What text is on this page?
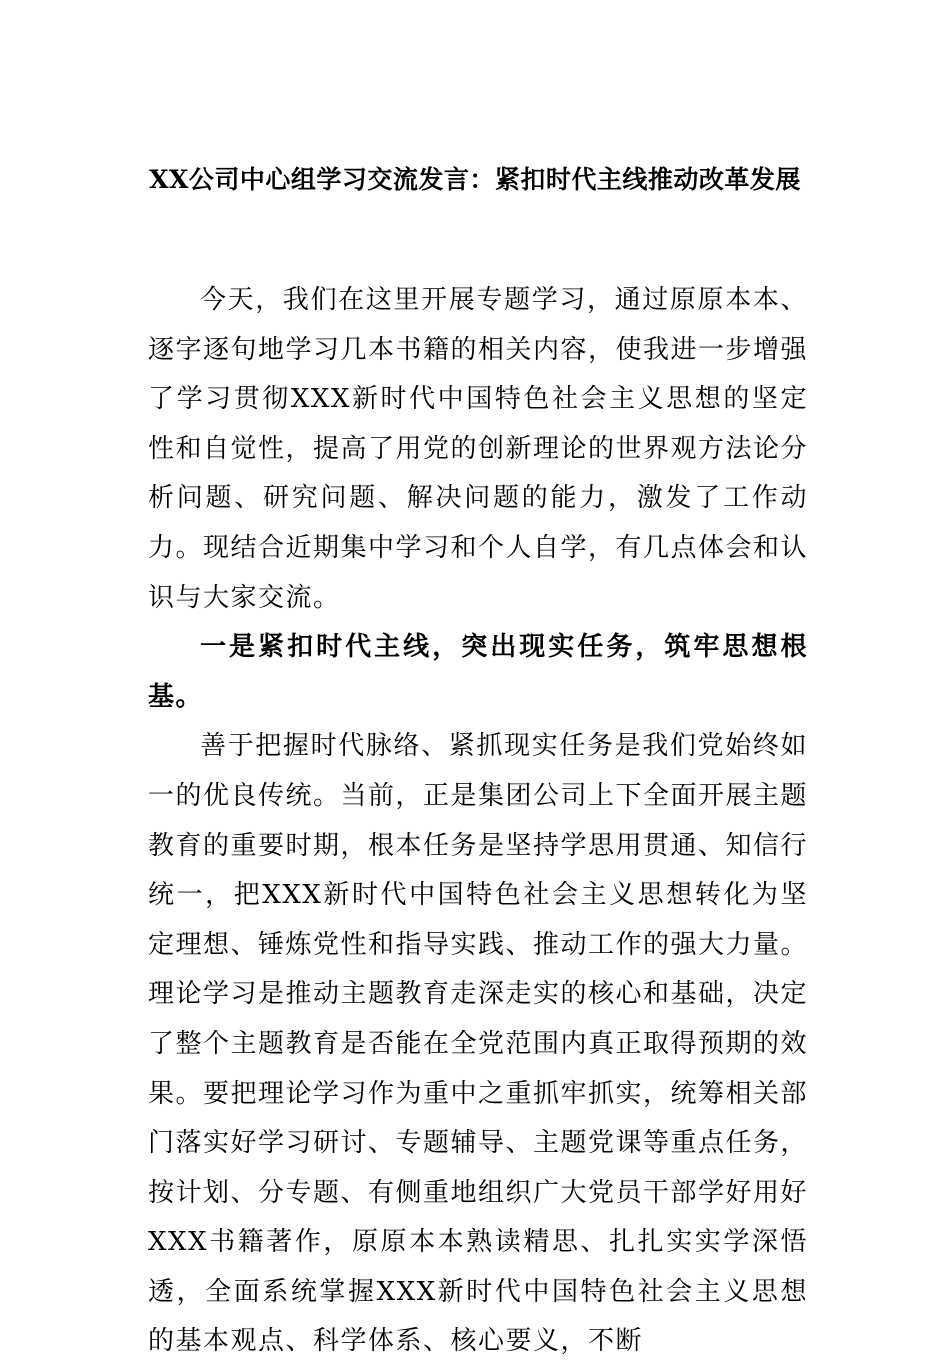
XX公司中心组学习交流发言：紧扣时代主线推动改革发展

今天，我们在这里开展专题学习，通过原原本本、逐字逐句地学习几本书籍的相关内容，使我进一步增强了学习贯彻XXX新时代中国特色社会主义思想的坚定性和自觉性，提高了用党的创新理论的世界观方法论分析问题、研究问题、解决问题的能力，激发了工作动力。现结合近期集中学习和个人自学，有几点体会和认识与大家交流。

一是紧扣时代主线，突出现实任务，筑牢思想根基。

善于把握时代脉络、紧抓现实任务是我们党始终如一的优良传统。当前，正是集团公司上下全面开展主题教育的重要时期，根本任务是坚持学思用贯通、知信行统一，把XXX新时代中国特色社会主义思想转化为坚定理想、锤炼党性和指导实践、推动工作的强大力量。理论学习是推动主题教育走深走实的核心和基础，决定了整个主题教育是否能在全党范围内真正取得预期的效果。要把理论学习作为重中之重抓牢抓实，统筹相关部门落实好学习研讨、专题辅导、主题党课等重点任务，按计划、分专题、有侧重地组织广大党员干部学好用好XXX书籍著作，原原本本熟读精思、扎扎实实学深悟透，全面系统掌握XXX新时代中国特色社会主义思想的基本观点、科学体系、核心要义，不断
